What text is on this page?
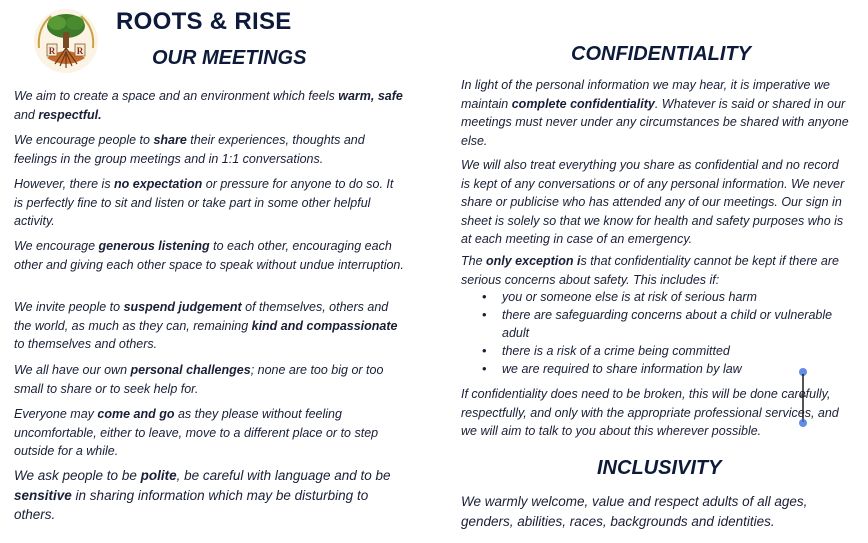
R R
ROOTS & RISE
OUR MEETINGS	CONFIDENTIALITY
INCLUSIVITY

We aim to create a space and an environment which feels warm, safe and respectful.

We encourage people to share their experiences, thoughts and feelings in the group meetings and in 1:1 conversations.

However, there is no expectation or pressure for anyone to do so. It is perfectly fine to sit and listen or take part in some other helpful activity.

We encourage generous listening to each other, encouraging each other and giving each other space to speak without undue interruption.

We invite people to suspend judgement of themselves, others and the world, as much as they can, remaining kind and compassionate to themselves and others.

We all have our own personal challenges; none are too big or too small to share or to seek help for.

Everyone may come and go as they please without feeling uncomfortable, either to leave, move to a different place or to step outside for a while.

We ask people to be polite, be careful with language and to be sensitive in sharing information which may be disturbing to others.

In light of the personal information we may hear, it is imperative we maintain complete confidentiality. Whatever is said or shared in our meetings must never under any circumstances be shared with anyone else.

We will also treat everything you share as confidential and no record is kept of any conversations or of any personal information. We never share or publicise who has attended any of our meetings. Our sign in sheet is solely so that we know for health and safety purposes who is at each meeting in case of an emergency.

The only exception is that confidentiality cannot be kept if there are serious concerns about safety. This includes if:

• you or someone else is at risk of serious harm
• there are safeguarding concerns about a child or vulnerable adult
• there is a risk of a crime being committed
• we are required to share information by law

If confidentiality does need to be broken, this will be done carefully, respectfully, and only with the appropriate professional services, and we will aim to talk to you about this wherever possible.

We warmly welcome, value and respect adults of all ages, genders, abilities, races, backgrounds and identities.
